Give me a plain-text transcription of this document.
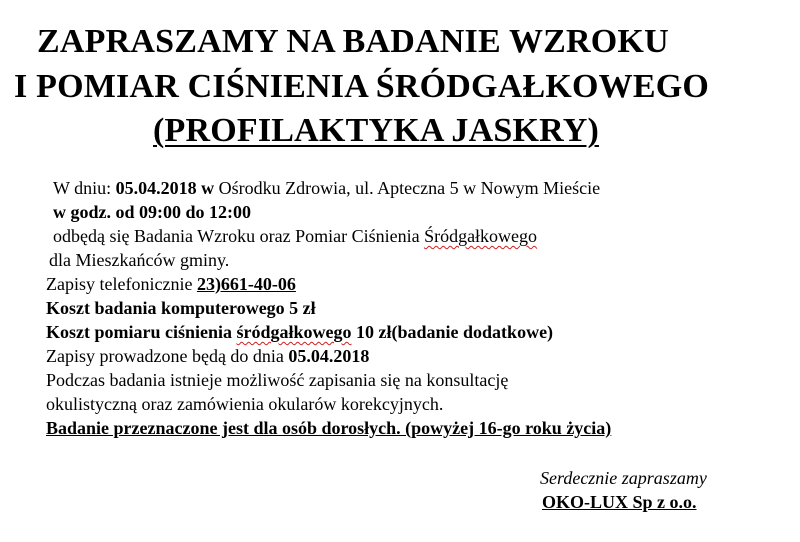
ZAPRASZAMY NA BADANIE WZROKU
I POMIAR CIŚNIENIA ŚRÓDGAŁKOWEGO
(PROFILAKTYKA JASKRY)
W dniu: 05.04.2018 w Ośrodku Zdrowia, ul. Apteczna 5 w Nowym Mieście
w godz. od 09:00 do 12:00
odbędą się Badania Wzroku oraz Pomiar Ciśnienia Śródgałkowego
dla Mieszkańców gminy.
Zapisy telefonicznie 23)661-40-06
Koszt badania komputerowego 5 zł
Koszt pomiaru ciśnienia śródgałkowego 10 zł(badanie dodatkowe)
Zapisy prowadzone będą do dnia 05.04.2018
Podczas badania istnieje możliwość zapisania się na konsultację
okulistyczną oraz zamówienia okularów korekcyjnych.
Badanie przeznaczone jest dla osób dorosłych. (powyżej 16-go roku życia)
Serdecznie zapraszamy
OKO-LUX Sp z o.o.
